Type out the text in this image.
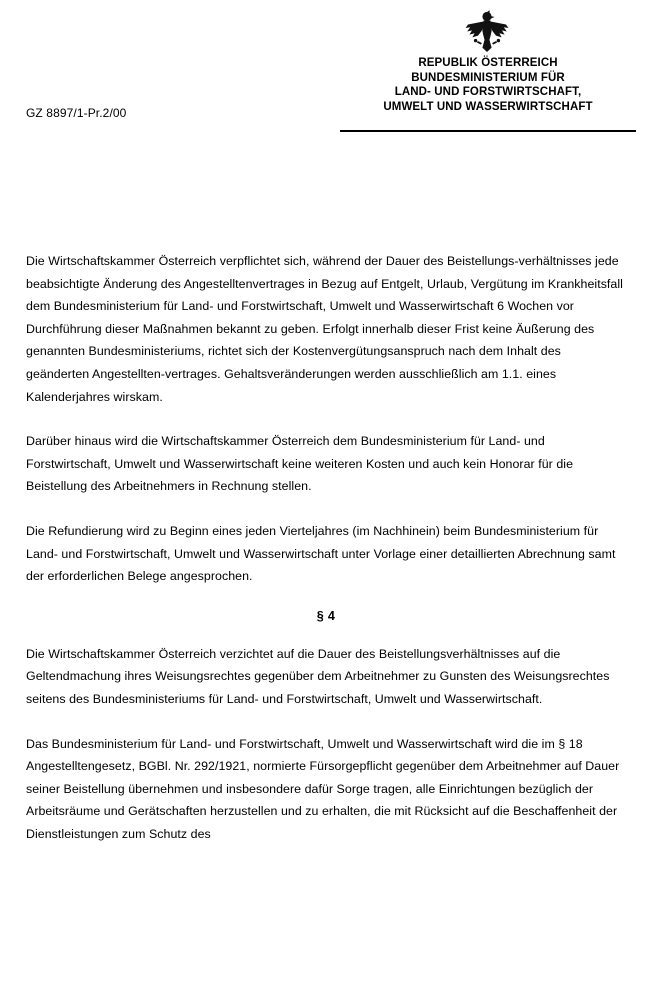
REPUBLIK ÖSTERREICH
BUNDESMINISTERIUM FÜR
LAND- UND FORSTWIRTSCHAFT,
UMWELT UND WASSERWIRTSCHAFT
GZ 8897/1-Pr.2/00

Die Wirtschaftskammer Österreich verpflichtet sich, während der Dauer des Beistellungs-verhältnisses jede beabsichtigte Änderung des Angestelltenvertrages in Bezug auf Entgelt, Urlaub, Vergütung im Krankheitsfall dem Bundesministerium für Land- und Forstwirtschaft, Umwelt und Wasserwirtschaft 6 Wochen vor Durchführung dieser Maßnahmen bekannt zu geben. Erfolgt innerhalb dieser Frist keine Äußerung des genannten Bundesministeriums, richtet sich der Kostenvergütungsanspruch nach dem Inhalt des geänderten Angestellten-vertrages. Gehaltsveränderungen werden ausschließlich am 1.1. eines Kalenderjahres wirskam.

Darüber hinaus wird die Wirtschaftskammer Österreich dem Bundesministerium für Land- und Forstwirtschaft, Umwelt und Wasserwirtschaft keine weiteren Kosten und auch kein Honorar für die Beistellung des Arbeitnehmers in Rechnung stellen.

Die Refundierung wird zu Beginn eines jeden Vierteljahres (im Nachhinein) beim Bundesministerium für Land- und Forstwirtschaft, Umwelt und Wasserwirtschaft unter Vorlage einer detaillierten Abrechnung samt der erforderlichen Belege angesprochen.

§ 4

Die Wirtschaftskammer Österreich verzichtet auf die Dauer des Beistellungsverhältnisses auf die Geltendmachung ihres Weisungsrechtes gegenüber dem Arbeitnehmer zu Gunsten des Weisungsrechtes seitens des Bundesministeriums für Land- und Forstwirtschaft, Umwelt und Wasserwirtschaft.

Das Bundesministerium für Land- und Forstwirtschaft, Umwelt und Wasserwirtschaft wird die im § 18 Angestelltengesetz, BGBl. Nr. 292/1921, normierte Fürsorgepflicht gegenüber dem Arbeitnehmer auf Dauer seiner Beistellung übernehmen und insbesondere dafür Sorge tragen, alle Einrichtungen bezüglich der Arbeitsräume und Gerätschaften herzustellen und zu erhalten, die mit Rücksicht auf die Beschaffenheit der Dienstleistungen zum Schutz des
